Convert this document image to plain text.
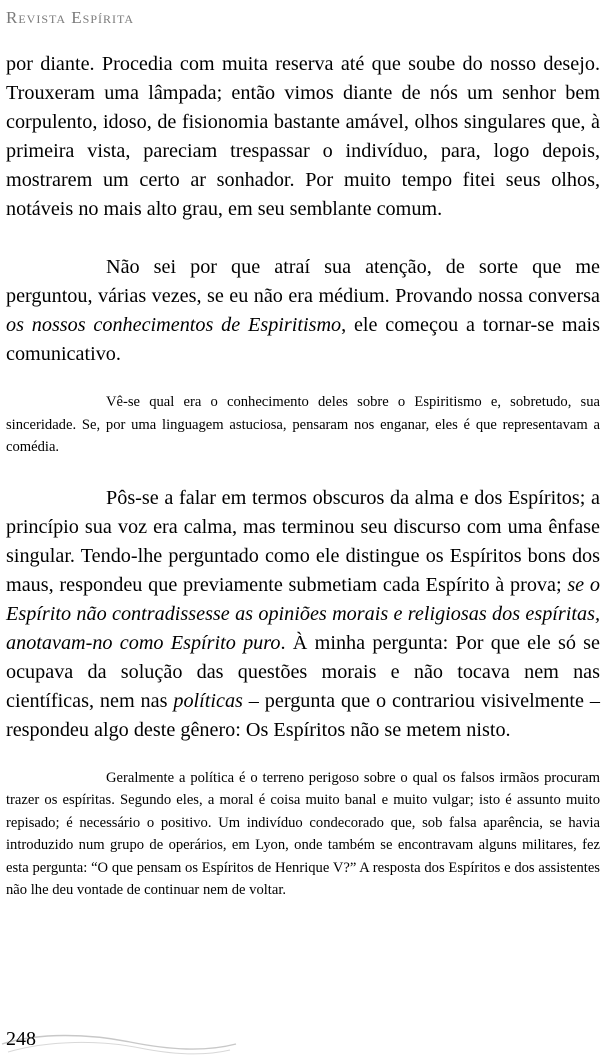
Revista Espírita

por diante. Procedia com muita reserva até que soube do nosso desejo. Trouxeram uma lâmpada; então vimos diante de nós um senhor bem corpulento, idoso, de fisionomia bastante amável, olhos singulares que, à primeira vista, pareciam trespassar o indivíduo, para, logo depois, mostrarem um certo ar sonhador. Por muito tempo fitei seus olhos, notáveis no mais alto grau, em seu semblante comum.

Não sei por que atraí sua atenção, de sorte que me perguntou, várias vezes, se eu não era médium. Provando nossa conversa os nossos conhecimentos de Espiritismo, ele começou a tornar-se mais comunicativo.

Vê-se qual era o conhecimento deles sobre o Espiritismo e, sobretudo, sua sinceridade. Se, por uma linguagem astuciosa, pensaram nos enganar, eles é que representavam a comédia.

Pôs-se a falar em termos obscuros da alma e dos Espíritos; a princípio sua voz era calma, mas terminou seu discurso com uma ênfase singular. Tendo-lhe perguntado como ele distingue os Espíritos bons dos maus, respondeu que previamente submetiam cada Espírito à prova; se o Espírito não contradissesse as opiniões morais e religiosas dos espíritas, anotavam-no como Espírito puro. À minha pergunta: Por que ele só se ocupava da solução das questões morais e não tocava nem nas científicas, nem nas políticas – pergunta que o contrariou visivelmente – respondeu algo deste gênero: Os Espíritos não se metem nisto.

Geralmente a política é o terreno perigoso sobre o qual os falsos irmãos procuram trazer os espíritas. Segundo eles, a moral é coisa muito banal e muito vulgar; isto é assunto muito repisado; é necessário o positivo. Um indivíduo condecorado que, sob falsa aparência, se havia introduzido num grupo de operários, em Lyon, onde também se encontravam alguns militares, fez esta pergunta: “O que pensam os Espíritos de Henrique V?” A resposta dos Espíritos e dos assistentes não lhe deu vontade de continuar nem de voltar.

248
